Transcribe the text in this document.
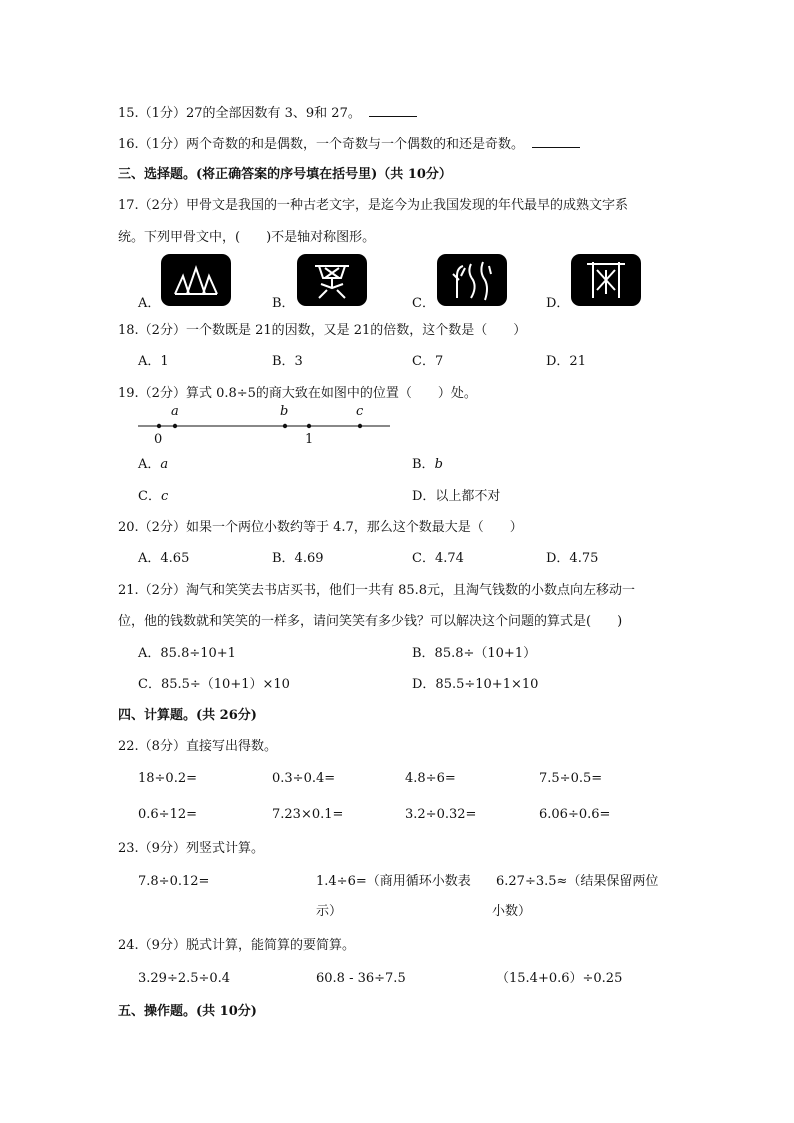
15.（1分）27的全部因数有 3、9和 27。
16.（1分）两个奇数的和是偶数，一个奇数与一个偶数的和还是奇数。
三、选择题。(将正确答案的序号填在括号里)（共 10分）
17.（2分）甲骨文是我国的一种古老文字，是迄今为止我国发现的年代最早的成熟文字系
统。下列甲骨文中，(　　)不是轴对称图形。
A．	B．	C．	D．
18.（2分）一个数既是 21的因数，又是 21的倍数，这个数是（　　）
A．1	B．3	C．7	D．21
19.（2分）算式 0.8÷5的商大致在如图中的位置（　　）处。
a	b	c
0	1
A．a	B．b
C．c	D．以上都不对
20.（2分）如果一个两位小数约等于 4.7，那么这个数最大是（　　）
A．4.65	B．4.69	C．4.74	D．4.75
21.（2分）淘气和笑笑去书店买书，他们一共有 85.8元，且淘气钱数的小数点向左移动一
位，他的钱数就和笑笑的一样多，请问笑笑有多少钱？可以解决这个问题的算式是(　　)
A．85.8÷10+1	B．85.8÷（10+1）
C．85.5÷（10+1）×10	D．85.5÷10+1×10
四、计算题。(共 26分)
22.（8分）直接写出得数。
18÷0.2=	0.3÷0.4=	4.8÷6=	7.5÷0.5=
0.6÷12=	7.23×0.1=	3.2÷0.32=	6.06÷0.6=
23.（9分）列竖式计算。
7.8÷0.12=	1.4÷6=（商用循环小数表
示）
6.27÷3.5≈（结果保留两位
小数）
24.（9分）脱式计算，能简算的要简算。
3.29÷2.5÷0.4	60.8 - 36÷7.5	（15.4+0.6）÷0.25
五、操作题。(共 10分)
